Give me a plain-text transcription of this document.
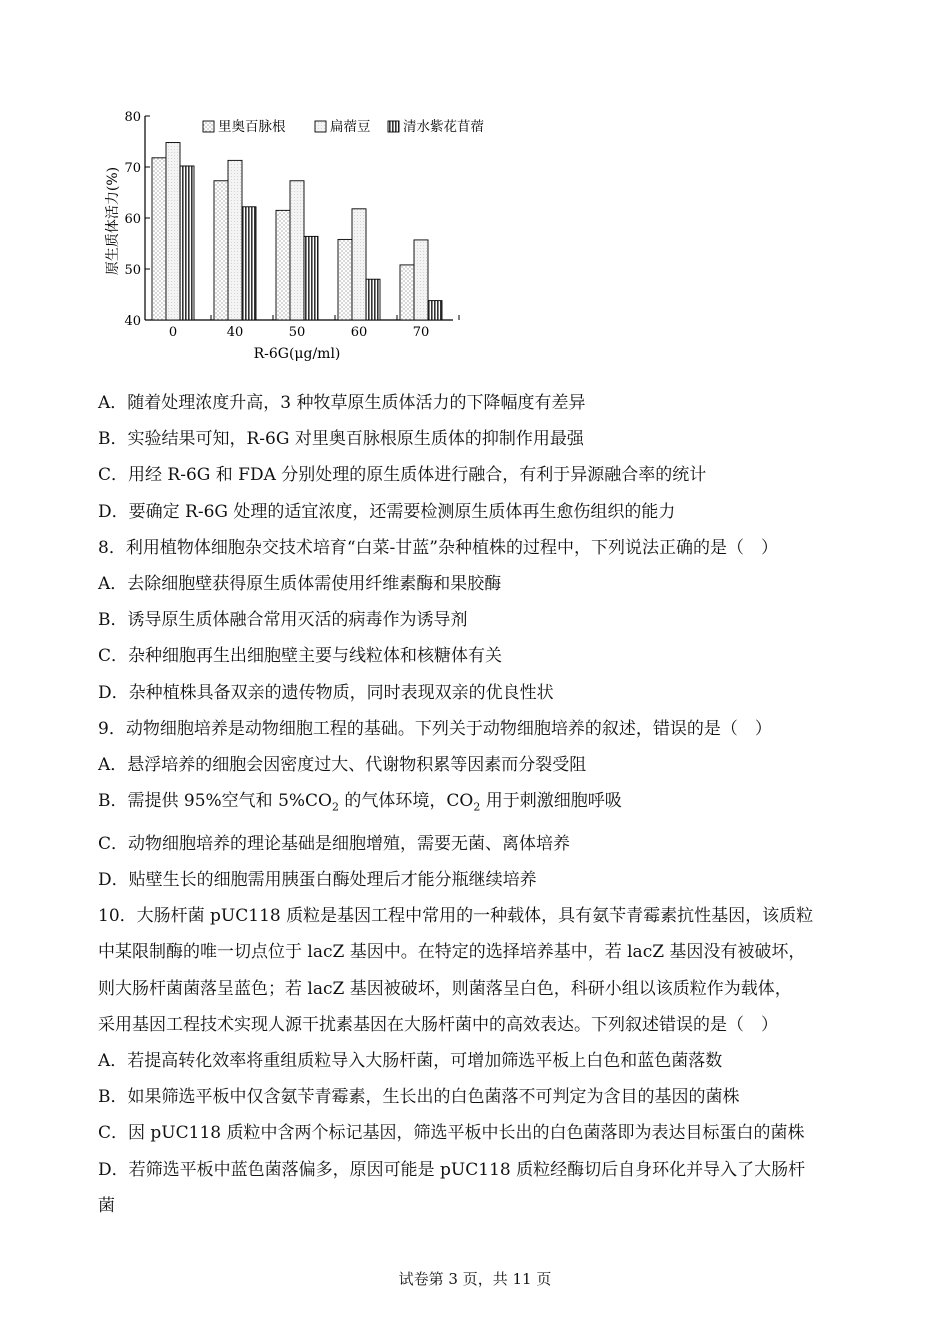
原生质体活力(%)
R-6G(μg/ml)
40
50
60
70
80
0	40	50	60	70
里奥百脉根	扁蓿豆 清水紫花苜蓿
A．随着处理浓度升高，3 种牧草原生质体活力的下降幅度有差异
B．实验结果可知，R-6G 对里奥百脉根原生质体的抑制作用最强
C．用经 R-6G 和 FDA 分别处理的原生质体进行融合，有利于异源融合率的统计
D．要确定 R-6G 处理的适宜浓度，还需要检测原生质体再生愈伤组织的能力
8．利用植物体细胞杂交技术培育“白菜-甘蓝”杂种植株的过程中，下列说法正确的是（　）
A．去除细胞壁获得原生质体需使用纤维素酶和果胶酶
B．诱导原生质体融合常用灭活的病毒作为诱导剂
C．杂种细胞再生出细胞壁主要与线粒体和核糖体有关
D．杂种植株具备双亲的遗传物质，同时表现双亲的优良性状
9．动物细胞培养是动物细胞工程的基础。下列关于动物细胞培养的叙述，错误的是（　）
A．悬浮培养的细胞会因密度过大、代谢物积累等因素而分裂受阻
B．需提供 95%空气和 $5\%CO_2$ 的气体环境，$CO_2$ 用于刺激细胞呼吸
C．动物细胞培养的理论基础是细胞增殖，需要无菌、离体培养
D．贴壁生长的细胞需用胰蛋白酶处理后才能分瓶继续培养
10．大肠杆菌 pUC118 质粒是基因工程中常用的一种载体，具有氨苄青霉素抗性基因，该质粒
中某限制酶的唯一切点位于 lacZ 基因中。在特定的选择培养基中，若 lacZ 基因没有被破坏，
则大肠杆菌菌落呈蓝色；若 lacZ 基因被破坏，则菌落呈白色，科研小组以该质粒作为载体，
采用基因工程技术实现人源干扰素基因在大肠杆菌中的高效表达。下列叙述错误的是（　）
A．若提高转化效率将重组质粒导入大肠杆菌，可增加筛选平板上白色和蓝色菌落数
B．如果筛选平板中仅含氨苄青霉素，生长出的白色菌落不可判定为含目的基因的菌株
C．因 pUC118 质粒中含两个标记基因，筛选平板中长出的白色菌落即为表达目标蛋白的菌株
D．若筛选平板中蓝色菌落偏多，原因可能是 pUC118 质粒经酶切后自身环化并导入了大肠杆
菌
试卷第 3 页，共 11 页
